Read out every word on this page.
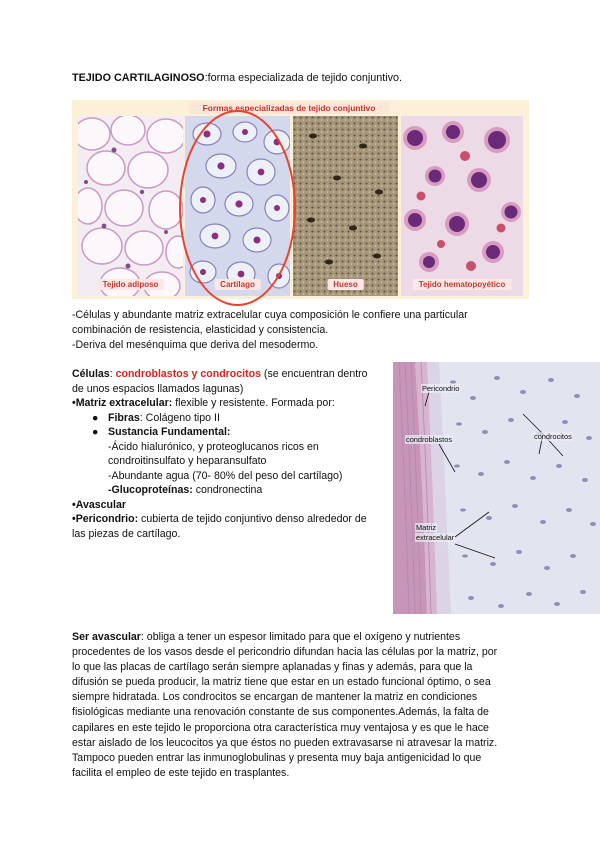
TEJIDO CARTILAGINOSO:forma especializada de tejido conjuntivo.
Formas especializadas de tejido conjuntivo
Tejido adiposo	Cartílago	Hueso	Tejido hematopoyético
-Células y abundante matriz extracelular cuya composición le confiere una particular
combinación de resistencia, elasticidad y consistencia.
-Deriva del mesénquima que deriva del mesodermo.
Células: condroblastos y condrocitos (se encuentran dentro
de unos espacios llamados lagunas)
•Matriz extracelular: flexible y resistente. Formada por:
● Fibras: Colágeno tipo II
● Sustancia Fundamental:
-Ácido hialurónico, y proteoglucanos ricos en
condroitinsulfato y heparansulfato
-Abundante agua (70- 80% del peso del cartílago)
-Glucoproteínas: condronectina
•Avascular
•Pericondrio: cubierta de tejido conjuntivo denso alrededor de
las piezas de cartílago.
Pericondrio
condroblastos	condrocitos
Matriz
extracelular
Ser avascular: obliga a tener un espesor limitado para que el oxígeno y nutrientes
procedentes de los vasos desde el pericondrio difundan hacia las células por la matriz, por
lo que las placas de cartílago serán siempre aplanadas y finas y además, para que la
difusión se pueda producir, la matriz tiene que estar en un estado funcional óptimo, o sea
siempre hidratada. Los condrocitos se encargan de mantener la matriz en condiciones
fisiológicas mediante una renovación constante de sus componentes.Además, la falta de
capilares en este tejido le proporciona otra característica muy ventajosa y es que le hace
estar aislado de los leucocitos ya que éstos no pueden extravasarse ni atravesar la matriz.
Tampoco pueden entrar las inmunoglobulinas y presenta muy baja antigenicidad lo que
facilita el empleo de este tejido en trasplantes.
